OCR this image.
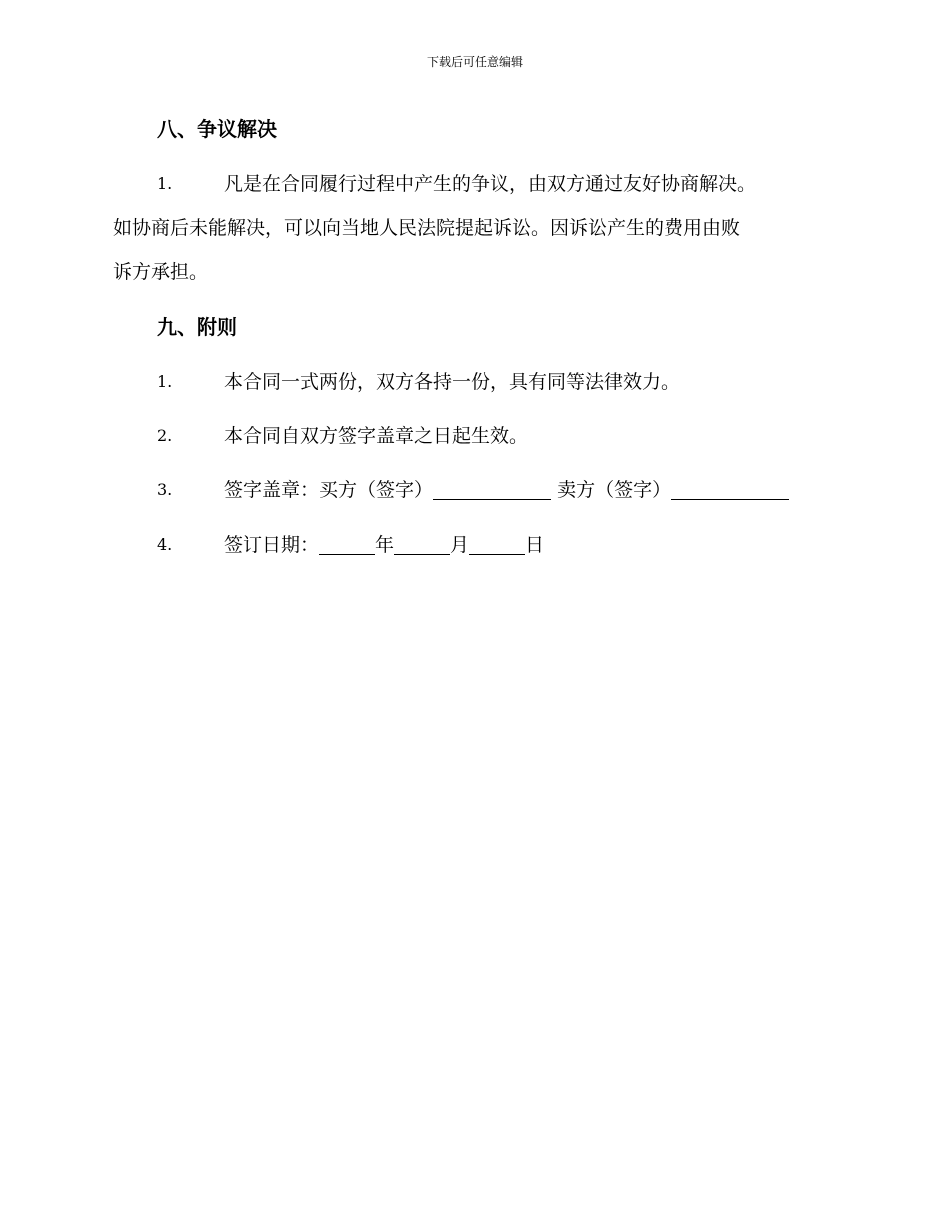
下载后可任意编辑
八、争议解决
1.	凡是在合同履行过程中产生的争议，由双方通过友好协商解决。
如协商后未能解决，可以向当地人民法院提起诉讼。因诉讼产生的费用由败
诉方承担。
九、附则
1.	本合同一式两份，双方各持一份，具有同等法律效力。
2.	本合同自双方签字盖章之日起生效。
3.	签字盖章：买方（签字）	卖方（签字）
4.	签订日期：	年	月	日
